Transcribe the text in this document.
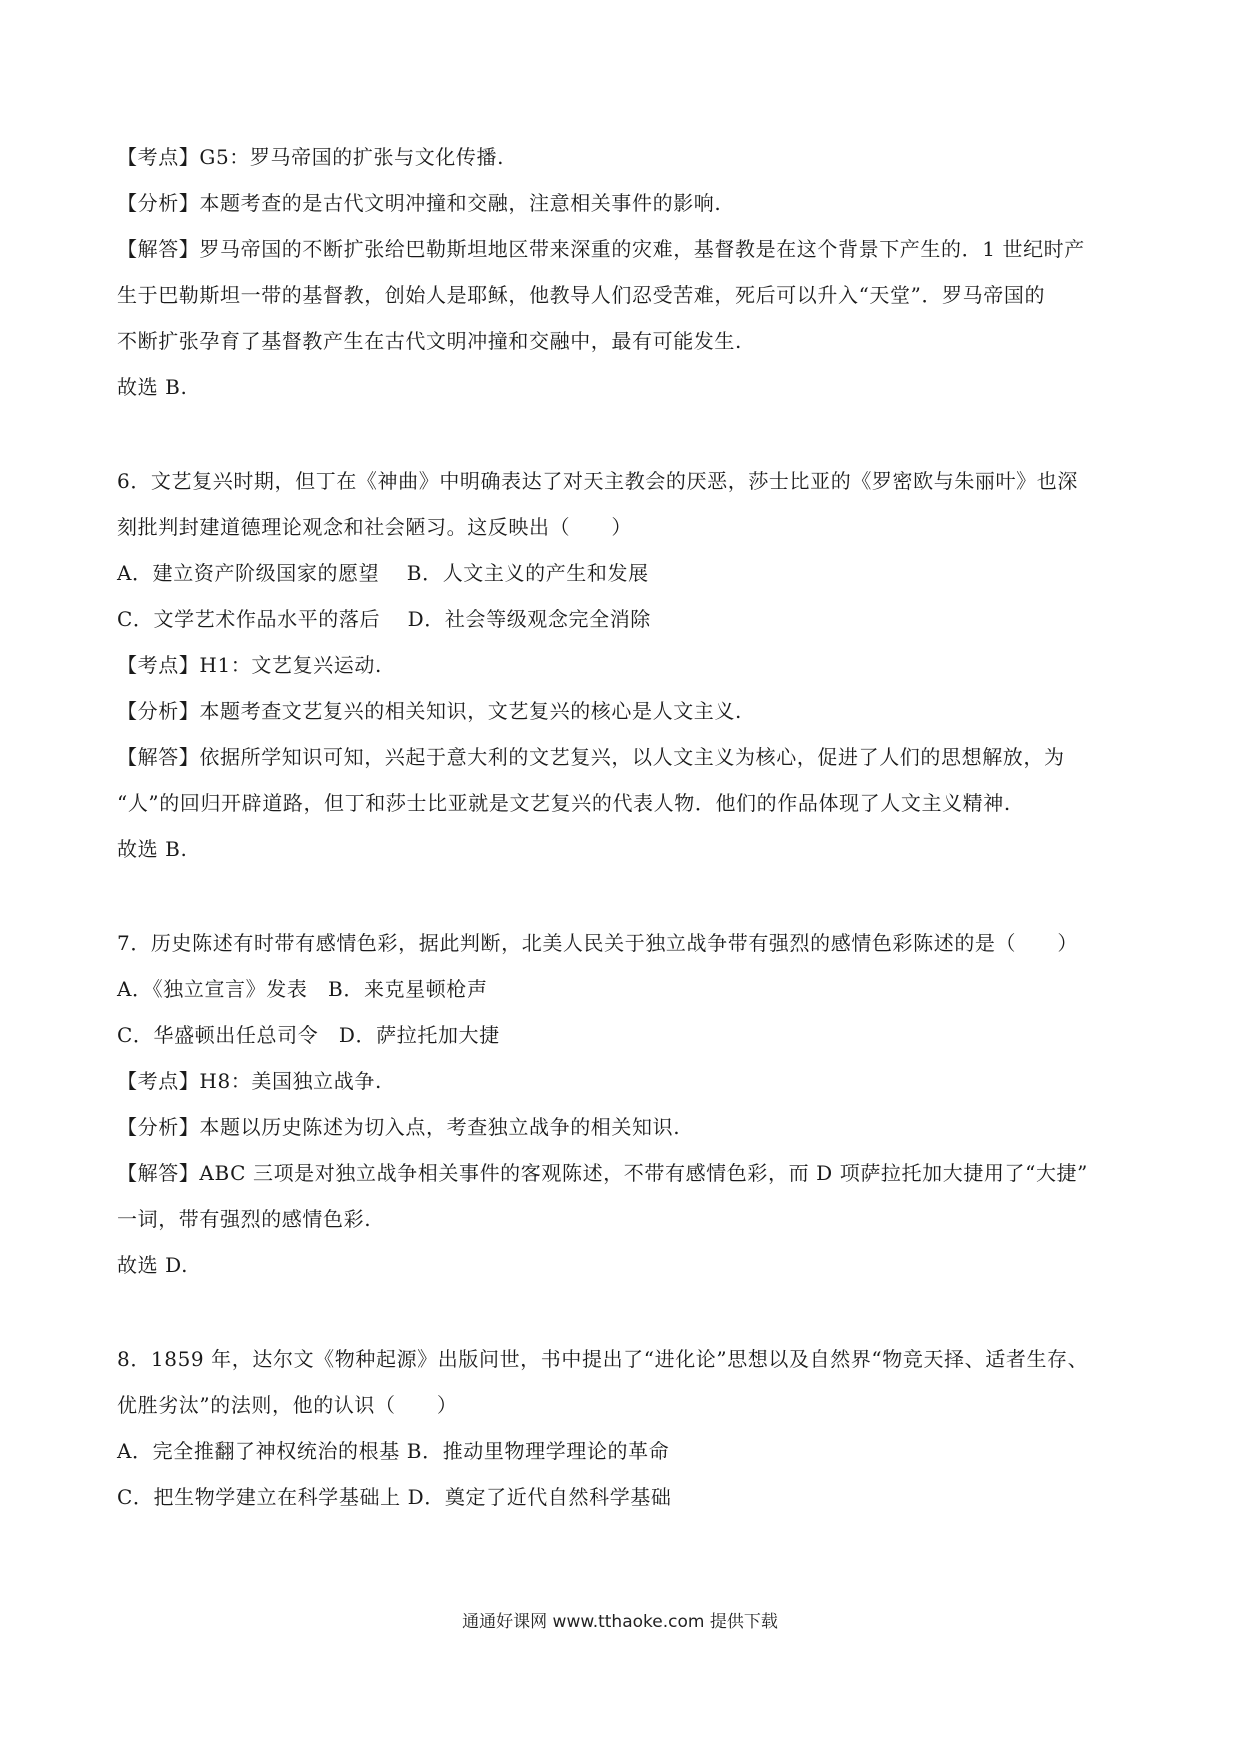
【考点】G5：罗马帝国的扩张与文化传播.
【分析】本题考查的是古代文明冲撞和交融，注意相关事件的影响.
【解答】罗马帝国的不断扩张给巴勒斯坦地区带来深重的灾难，基督教是在这个背景下产生的．1 世纪时产
生于巴勒斯坦一带的基督教，创始人是耶稣，他教导人们忍受苦难，死后可以升入“天堂”．罗马帝国的
不断扩张孕育了基督教产生在古代文明冲撞和交融中，最有可能发生.
故选 B.
6．文艺复兴时期，但丁在《神曲》中明确表达了对天主教会的厌恶，莎士比亚的《罗密欧与朱丽叶》也深
刻批判封建道德理论观念和社会陋习。这反映出（　　）
A．建立资产阶级国家的愿望　 B．人文主义的产生和发展
C．文学艺术作品水平的落后　 D．社会等级观念完全消除
【考点】H1：文艺复兴运动.
【分析】本题考查文艺复兴的相关知识，文艺复兴的核心是人文主义.
【解答】依据所学知识可知，兴起于意大利的文艺复兴，以人文主义为核心，促进了人们的思想解放，为
“人”的回归开辟道路，但丁和莎士比亚就是文艺复兴的代表人物．他们的作品体现了人文主义精神.
故选 B.
7．历史陈述有时带有感情色彩，据此判断，北美人民关于独立战争带有强烈的感情色彩陈述的是（　　）
A．《独立宣言》发表　B．来克星顿枪声
C．华盛顿出任总司令　D．萨拉托加大捷
【考点】H8：美国独立战争.
【分析】本题以历史陈述为切入点，考查独立战争的相关知识.
【解答】ABC 三项是对独立战争相关事件的客观陈述，不带有感情色彩，而 D 项萨拉托加大捷用了“大捷”
一词，带有强烈的感情色彩.
故选 D.
8．1859 年，达尔文《物种起源》出版问世，书中提出了“进化论”思想以及自然界“物竞天择、适者生存、
优胜劣汰”的法则，他的认识（　　）
A．完全推翻了神权统治的根基 B．推动里物理学理论的革命
C．把生物学建立在科学基础上 D．奠定了近代自然科学基础
通通好课网 www.tthaoke.com 提供下载
